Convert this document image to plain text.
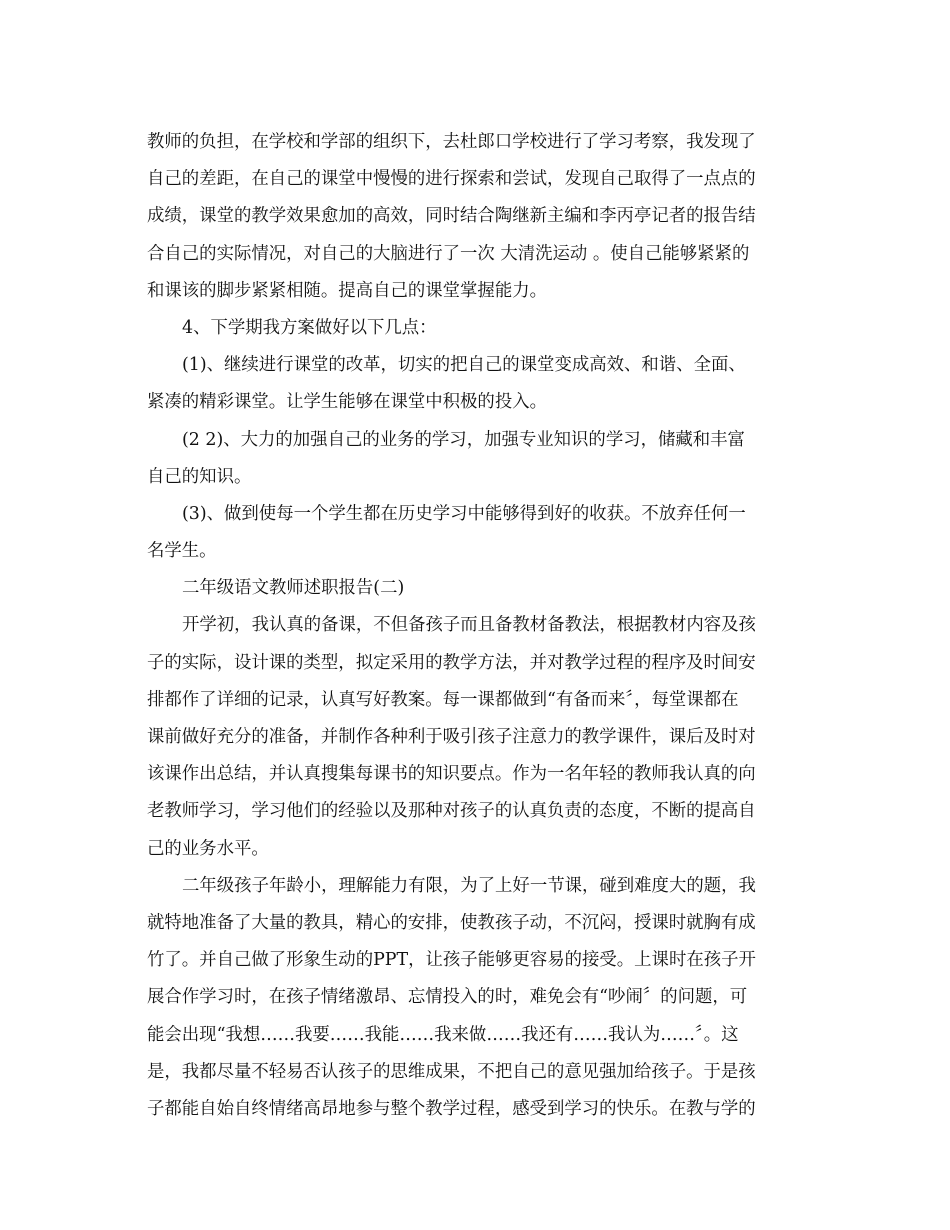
教师的负担，在学校和学部的组织下，去杜郎口学校进行了学习考察，我发现了
自己的差距，在自己的课堂中慢慢的进行探索和尝试，发现自己取得了一点点的
成绩，课堂的教学效果愈加的高效，同时结合陶继新主编和李丙亭记者的报告结
合自己的实际情况，对自己的大脑进行了一次 大清洗运动 。使自己能够紧紧的
和课该的脚步紧紧相随。提高自己的课堂掌握能力。
4、下学期我方案做好以下几点：
(1)、继续进行课堂的改革，切实的把自己的课堂变成高效、和谐、全面、
紧凑的精彩课堂。让学生能够在课堂中积极的投入。
(2 2)、大力的加强自己的业务的学习，加强专业知识的学习，储藏和丰富
自己的知识。
(3)、做到使每一个学生都在历史学习中能够得到好的收获。不放弃任何一
名学生。
二年级语文教师述职报告(二)
开学初，我认真的备课，不但备孩子而且备教材备教法，根据教材内容及孩
子的实际，设计课的类型，拟定采用的教学方法，并对教学过程的程序及时间安
排都作了详细的记录，认真写好教案。每一课都做到“有备而来〞，每堂课都在
课前做好充分的准备，并制作各种利于吸引孩子注意力的教学课件，课后及时对
该课作出总结，并认真搜集每课书的知识要点。作为一名年轻的教师我认真的向
老教师学习，学习他们的经验以及那种对孩子的认真负责的态度，不断的提高自
己的业务水平。
二年级孩子年龄小，理解能力有限，为了上好一节课，碰到难度大的题，我
就特地准备了大量的教具，精心的安排，使教孩子动，不沉闷，授课时就胸有成
竹了。并自己做了形象生动的PPT，让孩子能够更容易的接受。上课时在孩子开
展合作学习时，在孩子情绪激昂、忘情投入的时，难免会有“吵闹〞的问题，可
能会出现“我想……我要……我能……我来做……我还有……我认为……〞。这
是，我都尽量不轻易否认孩子的思维成果，不把自己的意见强加给孩子。于是孩
子都能自始自终情绪高昂地参与整个教学过程，感受到学习的快乐。在教与学的
